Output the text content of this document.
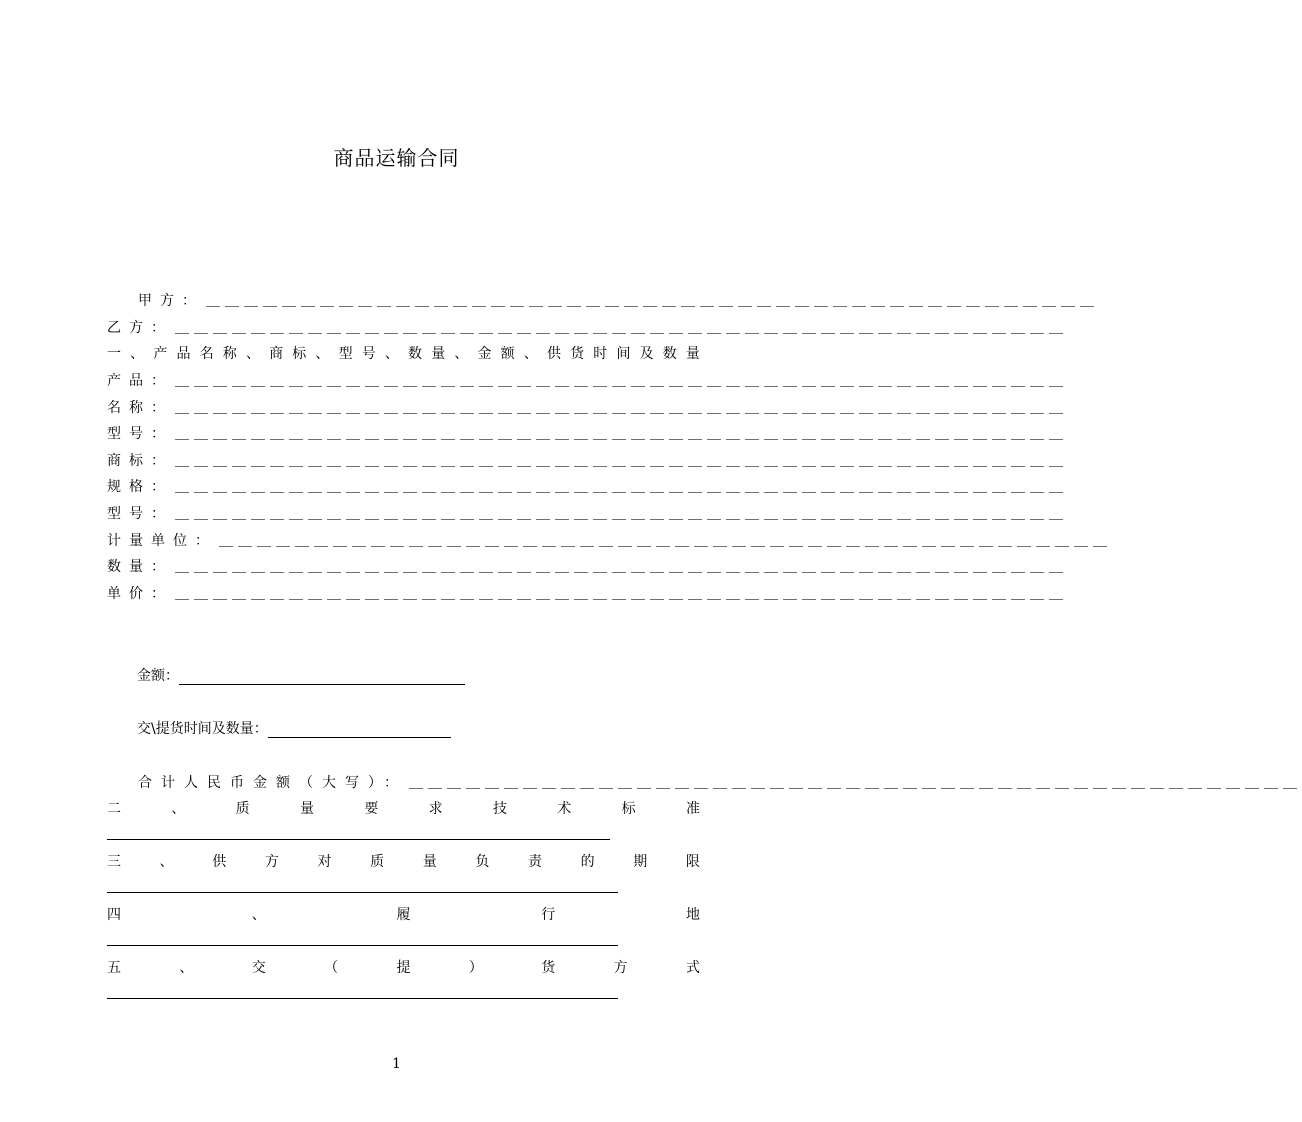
商品运输合同
甲方： ＿＿＿＿＿＿＿＿＿＿＿＿＿＿＿＿＿＿＿＿＿＿＿＿＿＿＿＿＿＿＿＿＿＿＿＿＿＿＿＿＿＿＿＿＿＿＿
乙方： ＿＿＿＿＿＿＿＿＿＿＿＿＿＿＿＿＿＿＿＿＿＿＿＿＿＿＿＿＿＿＿＿＿＿＿＿＿＿＿＿＿＿＿＿＿＿＿
一 、 产 品 名 称 、 商 标 、 型 号 、 数 量 、 金 额 、 供 货 时 间 及 数 量
产品： ＿＿＿＿＿＿＿＿＿＿＿＿＿＿＿＿＿＿＿＿＿＿＿＿＿＿＿＿＿＿＿＿＿＿＿＿＿＿＿＿＿＿＿＿＿＿＿
名称： ＿＿＿＿＿＿＿＿＿＿＿＿＿＿＿＿＿＿＿＿＿＿＿＿＿＿＿＿＿＿＿＿＿＿＿＿＿＿＿＿＿＿＿＿＿＿＿
型号： ＿＿＿＿＿＿＿＿＿＿＿＿＿＿＿＿＿＿＿＿＿＿＿＿＿＿＿＿＿＿＿＿＿＿＿＿＿＿＿＿＿＿＿＿＿＿＿
商标： ＿＿＿＿＿＿＿＿＿＿＿＿＿＿＿＿＿＿＿＿＿＿＿＿＿＿＿＿＿＿＿＿＿＿＿＿＿＿＿＿＿＿＿＿＿＿＿
规格： ＿＿＿＿＿＿＿＿＿＿＿＿＿＿＿＿＿＿＿＿＿＿＿＿＿＿＿＿＿＿＿＿＿＿＿＿＿＿＿＿＿＿＿＿＿＿＿
型号： ＿＿＿＿＿＿＿＿＿＿＿＿＿＿＿＿＿＿＿＿＿＿＿＿＿＿＿＿＿＿＿＿＿＿＿＿＿＿＿＿＿＿＿＿＿＿＿
计量单位： ＿＿＿＿＿＿＿＿＿＿＿＿＿＿＿＿＿＿＿＿＿＿＿＿＿＿＿＿＿＿＿＿＿＿＿＿＿＿＿＿＿＿＿＿＿＿＿
数量： ＿＿＿＿＿＿＿＿＿＿＿＿＿＿＿＿＿＿＿＿＿＿＿＿＿＿＿＿＿＿＿＿＿＿＿＿＿＿＿＿＿＿＿＿＿＿＿
单价： ＿＿＿＿＿＿＿＿＿＿＿＿＿＿＿＿＿＿＿＿＿＿＿＿＿＿＿＿＿＿＿＿＿＿＿＿＿＿＿＿＿＿＿＿＿＿＿
金额：
交\提货时间及数量：
合计人民币金额（大写）： ＿＿＿＿＿＿＿＿＿＿＿＿＿＿＿＿＿＿＿＿＿＿＿＿＿＿＿＿＿＿＿＿＿＿＿＿＿＿＿＿＿＿＿＿＿＿＿
二	、	质	量	要	求	技	术	标	准
三	、	供	方	对	质	量	负	责	的	期	限
四	、	履	行	地
五	、	交	（	提	）	货	方	式
1
